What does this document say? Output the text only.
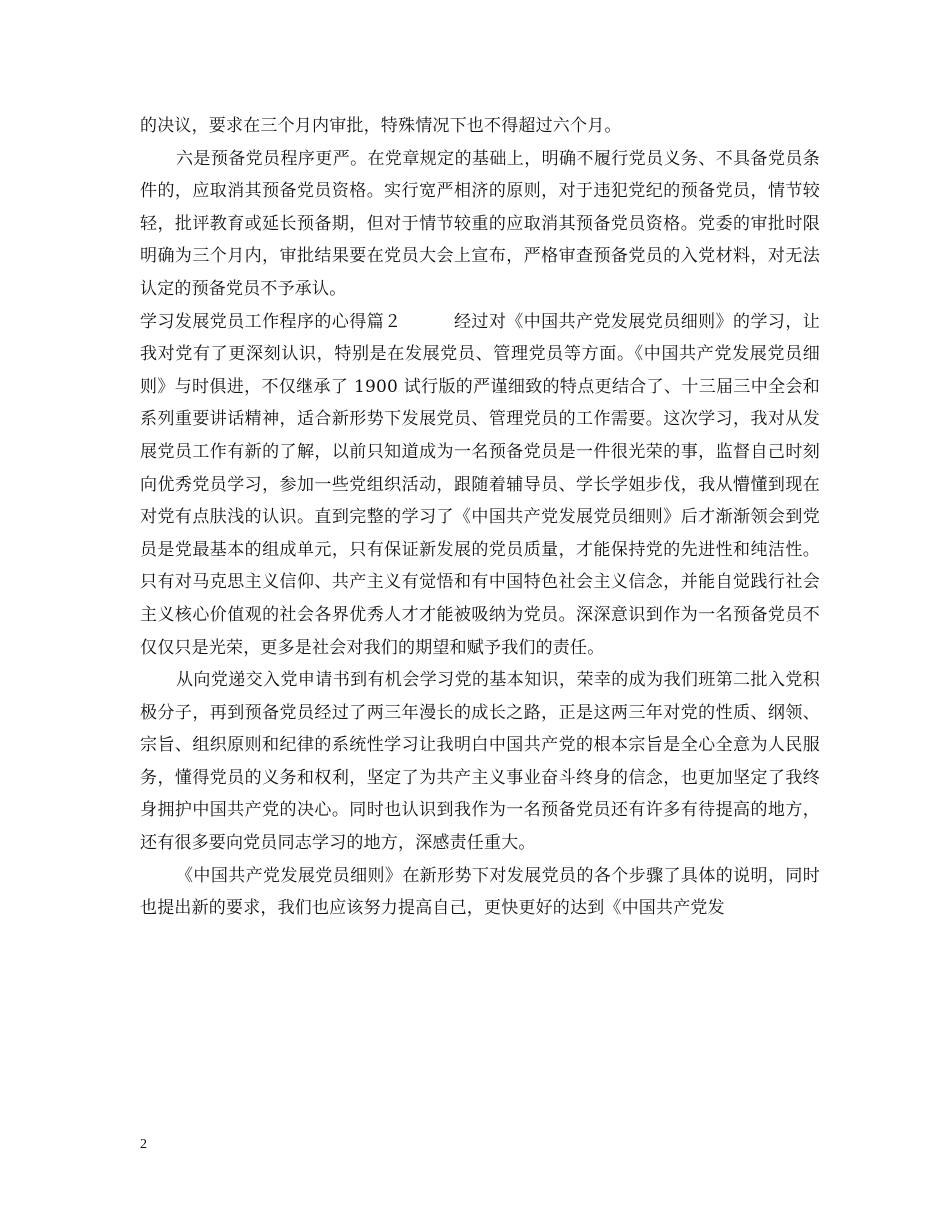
的决议，要求在三个月内审批，特殊情况下也不得超过六个月。

六是预备党员程序更严。在党章规定的基础上，明确不履行党员义务、不具备党员条件的，应取消其预备党员资格。实行宽严相济的原则，对于违犯党纪的预备党员，情节较轻，批评教育或延长预备期，但对于情节较重的应取消其预备党员资格。党委的审批时限明确为三个月内，审批结果要在党员大会上宣布，严格审查预备党员的入党材料，对无法认定的预备党员不予承认。

学习发展党员工作程序的心得篇２　　　经过对《中国共产党发展党员细则》的学习，让我对党有了更深刻认识，特别是在发展党员、管理党员等方面。《中国共产党发展党员细则》与时俱进，不仅继承了 1900 试行版的严谨细致的特点更结合了、十三届三中全会和系列重要讲话精神，适合新形势下发展党员、管理党员的工作需要。这次学习，我对从发展党员工作有新的了解，以前只知道成为一名预备党员是一件很光荣的事，监督自己时刻向优秀党员学习，参加一些党组织活动，跟随着辅导员、学长学姐步伐，我从懵懂到现在对党有点肤浅的认识。直到完整的学习了《中国共产党发展党员细则》后才渐渐领会到党员是党最基本的组成单元，只有保证新发展的党员质量，才能保持党的先进性和纯洁性。只有对马克思主义信仰、共产主义有觉悟和有中国特色社会主义信念，并能自觉践行社会主义核心价值观的社会各界优秀人才才能被吸纳为党员。深深意识到作为一名预备党员不仅仅只是光荣，更多是社会对我们的期望和赋予我们的责任。

从向党递交入党申请书到有机会学习党的基本知识，荣幸的成为我们班第二批入党积极分子，再到预备党员经过了两三年漫长的成长之路，正是这两三年对党的性质、纲领、宗旨、组织原则和纪律的系统性学习让我明白中国共产党的根本宗旨是全心全意为人民服务，懂得党员的义务和权利，坚定了为共产主义事业奋斗终身的信念，也更加坚定了我终身拥护中国共产党的决心。同时也认识到我作为一名预备党员还有许多有待提高的地方，还有很多要向党员同志学习的地方，深感责任重大。

《中国共产党发展党员细则》在新形势下对发展党员的各个步骤了具体的说明，同时也提出新的要求，我们也应该努力提高自己，更快更好的达到《中国共产党发

2
